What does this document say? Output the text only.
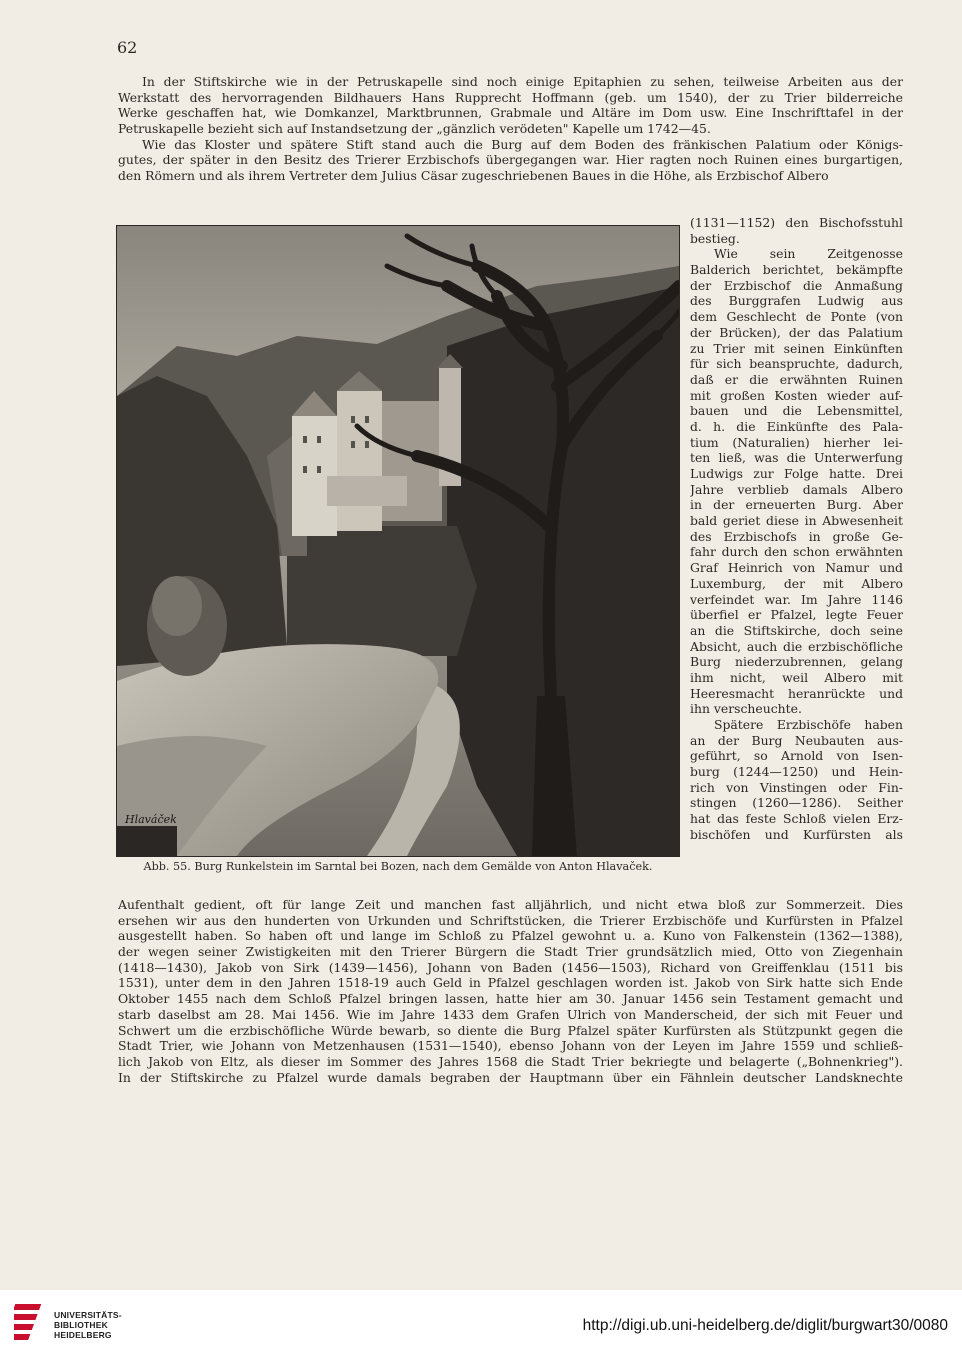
62
In der Stiftskirche wie in der Petruskapelle sind noch einige Epitaphien zu sehen, teilweise Arbeiten aus der
Werkstatt des hervorragenden Bildhauers Hans Rupprecht Hoffmann (geb. um 1540), der zu Trier bilderreiche
Werke geschaffen hat, wie Domkanzel, Marktbrunnen, Grabmale und Altäre im Dom usw. Eine Inschrifttafel in der
Petruskapelle bezieht sich auf Instandsetzung der „gänzlich verödeten" Kapelle um 1742—45.
Wie das Kloster und spätere Stift stand auch die Burg auf dem Boden des fränkischen Palatium oder Königs-
gutes, der später in den Besitz des Trierer Erzbischofs übergegangen war. Hier ragten noch Ruinen eines burgartigen,
den Römern und als ihrem Vertreter dem Julius Cäsar zugeschriebenen Baues in die Höhe, als Erzbischof Albero
Hlaváček
Abb. 55. Burg Runkelstein im Sarntal bei Bozen, nach dem Gemälde von Anton Hlavaček.
(1131—1152) den Bischofsstuhl
bestieg.
Wie sein Zeitgenosse
Balderich berichtet, bekämpfte
der Erzbischof die Anmaßung
des Burggrafen Ludwig aus
dem Geschlecht de Ponte (von
der Brücken), der das Palatium
zu Trier mit seinen Einkünften
für sich beanspruchte, dadurch,
daß er die erwähnten Ruinen
mit großen Kosten wieder auf-
bauen und die Lebensmittel,
d. h. die Einkünfte des Pala-
tium (Naturalien) hierher lei-
ten ließ, was die Unterwerfung
Ludwigs zur Folge hatte. Drei
Jahre verblieb damals Albero
in der erneuerten Burg. Aber
bald geriet diese in Abwesenheit
des Erzbischofs in große Ge-
fahr durch den schon erwähnten
Graf Heinrich von Namur und
Luxemburg, der mit Albero
verfeindet war. Im Jahre 1146
überfiel er Pfalzel, legte Feuer
an die Stiftskirche, doch seine
Absicht, auch die erzbischöfliche
Burg niederzubrennen, gelang
ihm nicht, weil Albero mit
Heeresmacht heranrückte und
ihn verscheuchte.
Spätere Erzbischöfe haben
an der Burg Neubauten aus-
geführt, so Arnold von Isen-
burg (1244—1250) und Hein-
rich von Vinstingen oder Fin-
stingen (1260—1286). Seither
hat das feste Schloß vielen Erz-
bischöfen und Kurfürsten als
Aufenthalt gedient, oft für lange Zeit und manchen fast alljährlich, und nicht etwa bloß zur Sommerzeit. Dies
ersehen wir aus den hunderten von Urkunden und Schriftstücken, die Trierer Erzbischöfe und Kurfürsten in Pfalzel
ausgestellt haben. So haben oft und lange im Schloß zu Pfalzel gewohnt u. a. Kuno von Falkenstein (1362—1388),
der wegen seiner Zwistigkeiten mit den Trierer Bürgern die Stadt Trier grundsätzlich mied, Otto von Ziegenhain
(1418—1430), Jakob von Sirk (1439—1456), Johann von Baden (1456—1503), Richard von Greiffenklau (1511 bis
1531), unter dem in den Jahren 1518-19 auch Geld in Pfalzel geschlagen worden ist. Jakob von Sirk hatte sich Ende
Oktober 1455 nach dem Schloß Pfalzel bringen lassen, hatte hier am 30. Januar 1456 sein Testament gemacht und
starb daselbst am 28. Mai 1456. Wie im Jahre 1433 dem Grafen Ulrich von Manderscheid, der sich mit Feuer und
Schwert um die erzbischöfliche Würde bewarb, so diente die Burg Pfalzel später Kurfürsten als Stützpunkt gegen die
Stadt Trier, wie Johann von Metzenhausen (1531—1540), ebenso Johann von der Leyen im Jahre 1559 und schließ-
lich Jakob von Eltz, als dieser im Sommer des Jahres 1568 die Stadt Trier bekriegte und belagerte („Bohnenkrieg").
In der Stiftskirche zu Pfalzel wurde damals begraben der Hauptmann über ein Fähnlein deutscher Landsknechte
UNIVERSITÄTS-
BIBLIOTHEK
HEIDELBERG
http://digi.ub.uni-heidelberg.de/diglit/burgwart30/0080
